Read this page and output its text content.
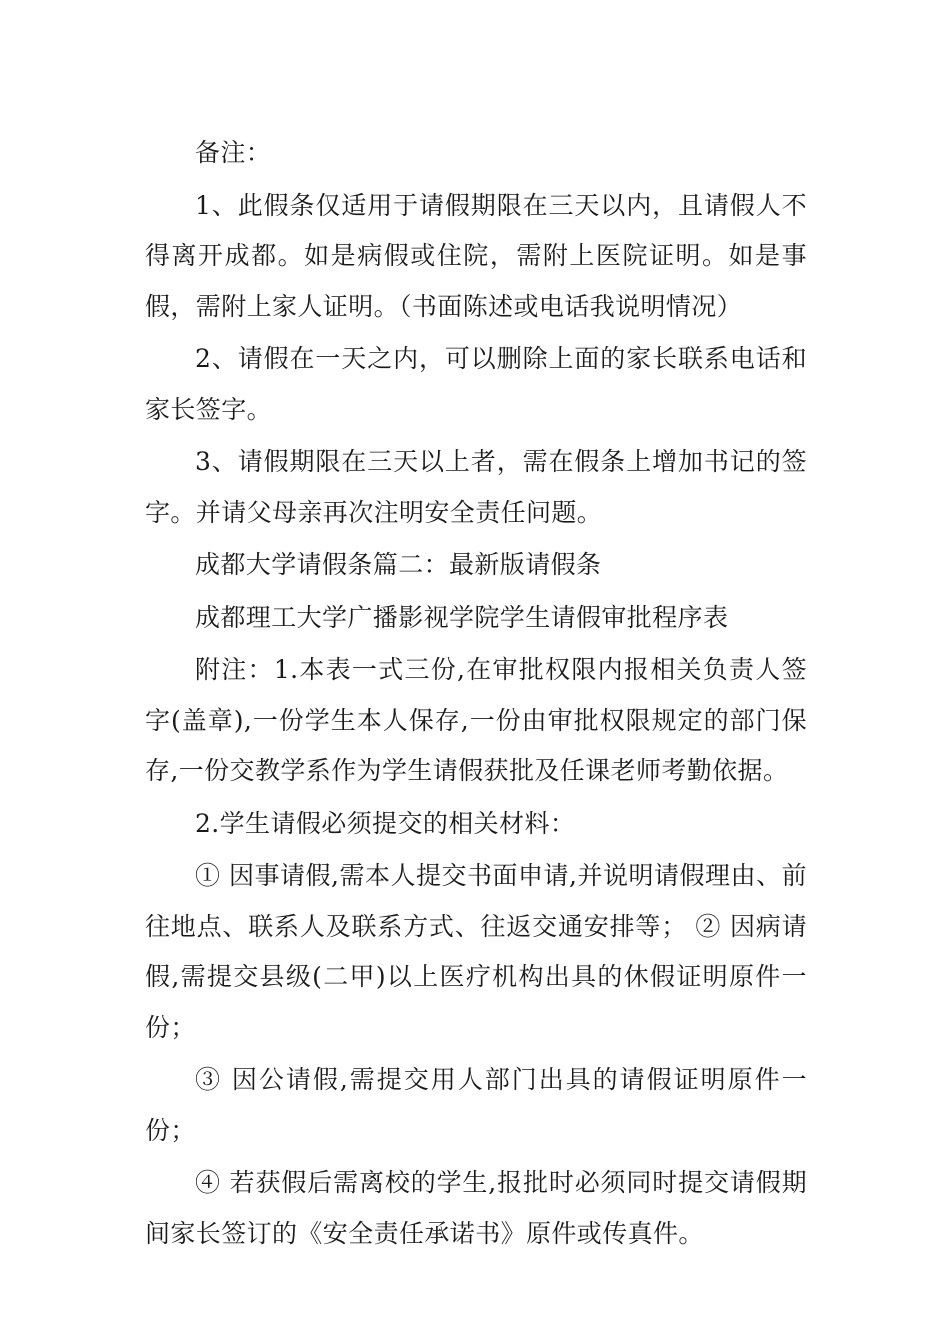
备注：

1、此假条仅适用于请假期限在三天以内，且请假人不得离开成都。如是病假或住院，需附上医院证明。如是事假，需附上家人证明。（书面陈述或电话我说明情况）

2、请假在一天之内，可以删除上面的家长联系电话和家长签字。

3、请假期限在三天以上者，需在假条上增加书记的签字。并请父母亲再次注明安全责任问题。

成都大学请假条篇二：最新版请假条

成都理工大学广播影视学院学生请假审批程序表

附注：1.本表一式三份,在审批权限内报相关负责人签字(盖章),一份学生本人保存,一份由审批权限规定的部门保存,一份交教学系作为学生请假获批及任课老师考勤依据。

2.学生请假必须提交的相关材料：

① 因事请假,需本人提交书面申请,并说明请假理由、前往地点、联系人及联系方式、往返交通安排等； ② 因病请假,需提交县级(二甲)以上医疗机构出具的休假证明原件一份；

③ 因公请假,需提交用人部门出具的请假证明原件一份；

④ 若获假后需离校的学生,报批时必须同时提交请假期间家长签订的《安全责任承诺书》原件或传真件。
